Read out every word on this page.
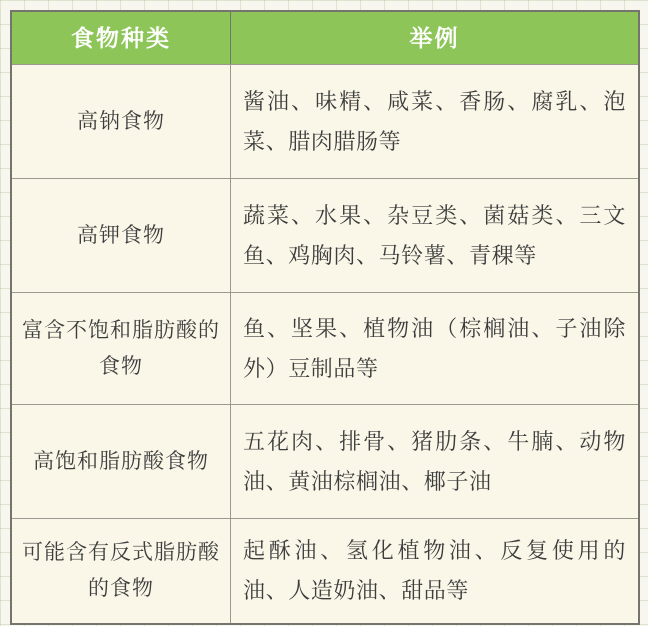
食物种类	举例
高钠食物
酱油、味精、咸菜、香肠、腐乳、泡菜、腊肉腊肠等
高钾食物
蔬菜、水果、杂豆类、菌菇类、三文鱼、鸡胸肉、马铃薯、青稞等
富含不饱和脂肪酸的食物
鱼、坚果、植物油（棕榈油、子油除外）豆制品等
高饱和脂肪酸食物
五花肉、排骨、猪肋条、牛腩、动物油、黄油棕榈油、椰子油
可能含有反式脂肪酸的食物
起酥油、氢化植物油、反复使用的油、人造奶油、甜品等
